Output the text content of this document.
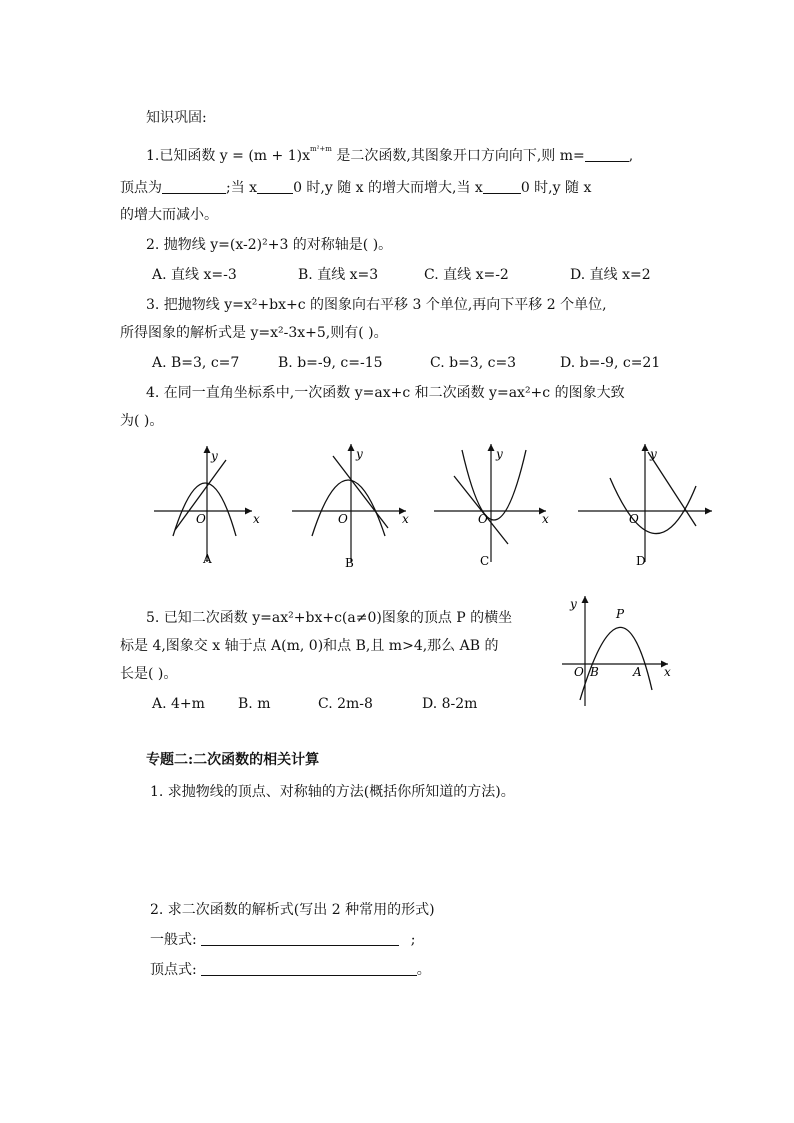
知识巩固:
1.已知函数 $y = (m + 1)x^{m^2+m}$ 是二次函数,其图象开口方向向下,则 m=	,
顶点为	;当 x	0 时,y 随 x 的增大而增大,当 x	0 时,y 随 x
的增大而减小。
2. 抛物线 y=(x-2)²+3 的对称轴是( )。
A. 直线 x=-3	B. 直线 x=3	C. 直线 x=-2	D. 直线 x=2
3. 把抛物线 y=x²+bx+c 的图象向右平移 3 个单位,再向下平移 2 个单位,
所得图象的解析式是 y=x²-3x+5,则有( )。
A. B=3, c=7	B. b=-9, c=-15	C. b=3, c=3	D. b=-9, c=21
4. 在同一直角坐标系中,一次函数 y=ax+c 和二次函数 y=ax²+c 的图象大致
为( )。
O
y
x
A
O
y
x
B
O
y
x
C
O
y
D
5. 已知二次函数 y=ax²+bx+c(a≠0)图象的顶点 P 的横坐
标是 4,图象交 x 轴于点 A(m, 0)和点 B,且 m>4,那么 AB 的
长是( )。
A. 4+m B. m	C. 2m-8	D. 8-2m
y
P
O B	A x
专题二:二次函数的相关计算
1. 求抛物线的顶点、对称轴的方法(概括你所知道的方法)。
2. 求二次函数的解析式(写出 2 种常用的形式)
一般式:	;
顶点式:	。
